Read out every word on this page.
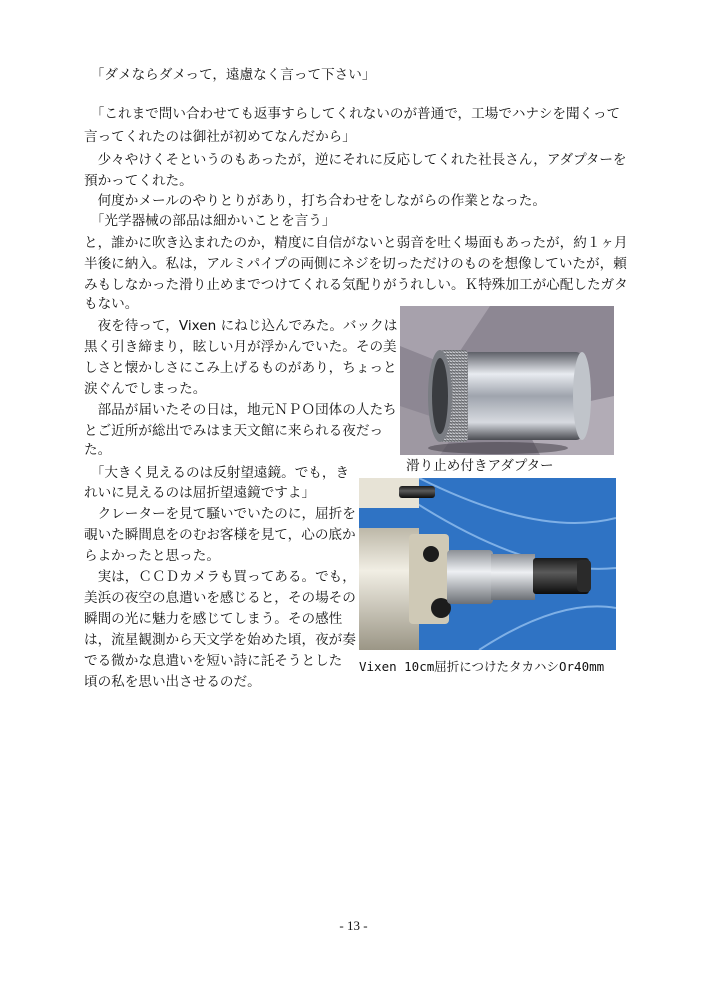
　「ダメならダメって，遠慮なく言って下さい」
　「これまで問い合わせても返事すらしてくれないのが普通で，工場でハナシを聞くって
言ってくれたのは御社が初めてなんだから」
　少々やけくそというのもあったが，逆にそれに反応してくれた社長さん，アダプターを
預かってくれた。
　何度かメールのやりとりがあり，打ち合わせをしながらの作業となった。
　「光学器械の部品は細かいことを言う」
と，誰かに吹き込まれたのか，精度に自信がないと弱音を吐く場面もあったが，約１ヶ月
半後に納入。私は，アルミパイプの両側にネジを切っただけのものを想像していたが，頼
みもしなかった滑り止めまでつけてくれる気配りがうれしい。Ｋ特殊加工が心配したガタ
もない。
　夜を待って，Vixen にねじ込んでみた。バックは
黒く引き締まり，眩しい月が浮かんでいた。その美
しさと懐かしさにこみ上げるものがあり，ちょっと
涙ぐんでしまった。
　部品が届いたその日は，地元ＮＰＯ団体の人たち
とご近所が総出でみはま天文館に来られる夜だっ
た。
　「大きく見えるのは反射望遠鏡。でも，き
れいに見えるのは屈折望遠鏡ですよ」
　クレーターを見て騒いでいたのに，屈折を
覗いた瞬間息をのむお客様を見て，心の底か
らよかったと思った。
　実は，ＣＣＤカメラも買ってある。でも，
美浜の夜空の息遣いを感じると，その場その
瞬間の光に魅力を感じてしまう。その感性
は，流星観測から天文学を始めた頃，夜が奏
でる微かな息遣いを短い詩に託そうとした
頃の私を思い出させるのだ。
滑り止め付きアダプター
Vixen 10cm屈折につけたタカハシOr40mm
- 13 -
